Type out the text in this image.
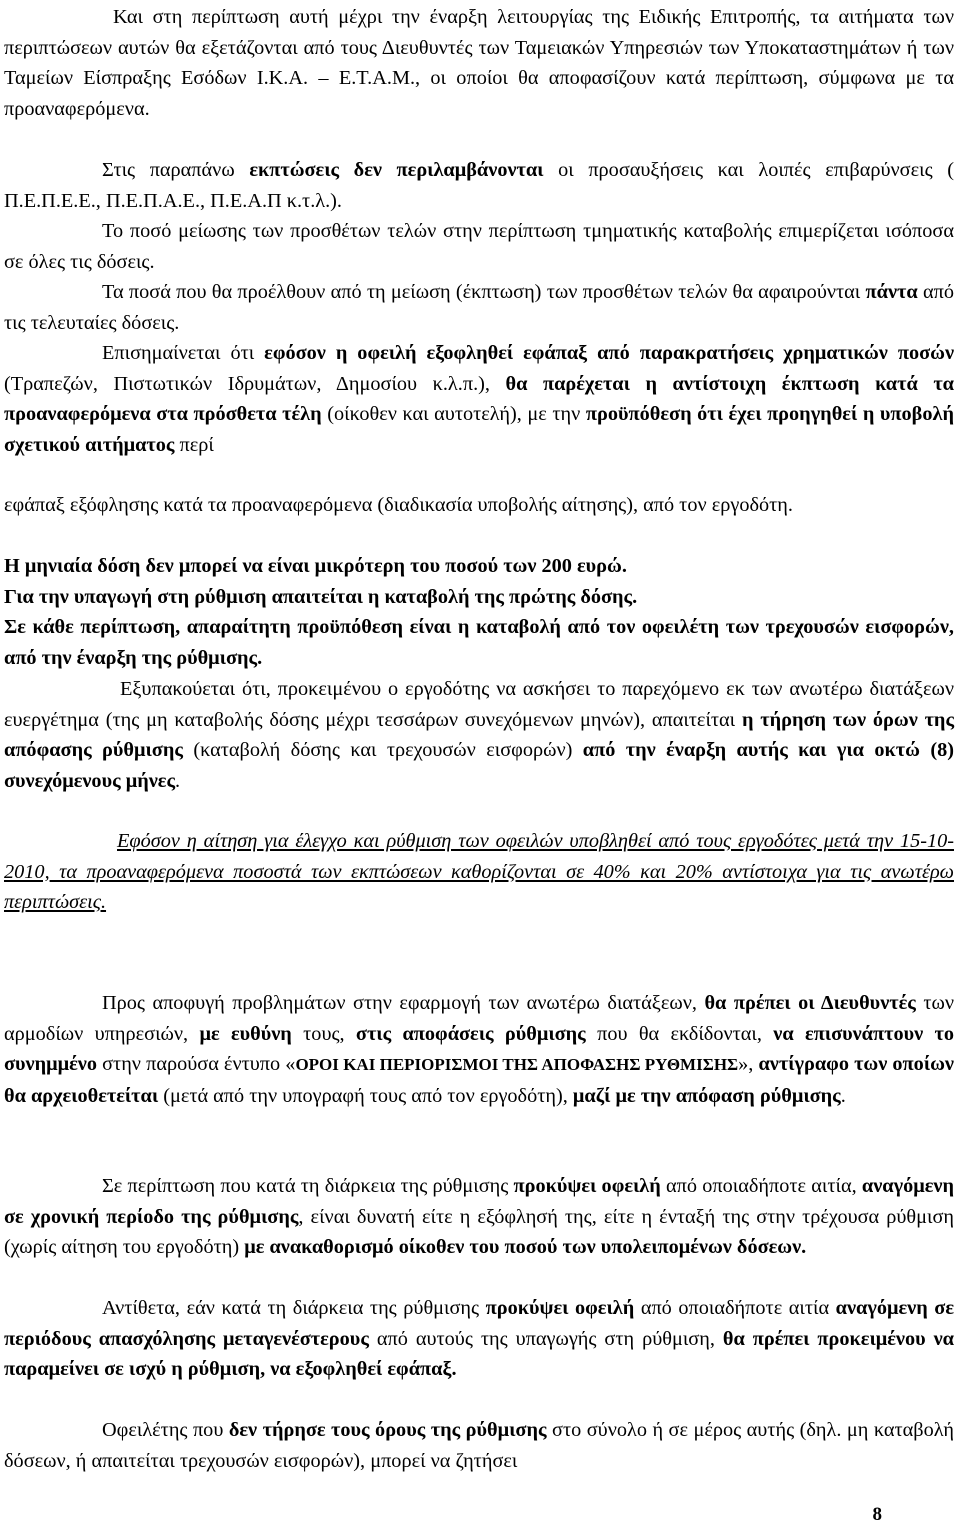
Και στη περίπτωση αυτή μέχρι την έναρξη λειτουργίας της Ειδικής Επιτροπής, τα αιτήματα των περιπτώσεων αυτών θα εξετάζονται από τους Διευθυντές των Ταμειακών Υπηρεσιών των Υποκαταστημάτων ή των Ταμείων Είσπραξης Εσόδων Ι.Κ.Α. – Ε.Τ.Α.Μ., οι οποίοι θα αποφασίζουν κατά περίπτωση, σύμφωνα με τα προαναφερόμενα.

Στις παραπάνω εκπτώσεις δεν περιλαμβάνονται οι προσαυξήσεις και λοιπές επιβαρύνσεις ( Π.Ε.Π.Ε.Ε., Π.Ε.Π.Α.Ε., Π.Ε.Α.Π κ.τ.λ.).

Το ποσό μείωσης των προσθέτων τελών στην περίπτωση τμηματικής καταβολής επιμερίζεται ισόποσα σε όλες τις δόσεις.

Τα ποσά που θα προέλθουν από τη μείωση (έκπτωση) των προσθέτων τελών θα αφαιρούνται πάντα από τις τελευταίες δόσεις.

Επισημαίνεται ότι εφόσον η οφειλή εξοφληθεί εφάπαξ από παρακρατήσεις χρηματικών ποσών (Τραπεζών, Πιστωτικών Ιδρυμάτων, Δημοσίου κ.λ.π.), θα παρέχεται η αντίστοιχη έκπτωση κατά τα προαναφερόμενα στα πρόσθετα τέλη (οίκοθεν και αυτοτελή), με την προϋπόθεση ότι έχει προηγηθεί η υποβολή σχετικού αιτήματος περί

εφάπαξ εξόφλησης κατά τα προαναφερόμενα (διαδικασία υποβολής αίτησης), από τον εργοδότη.

Η μηνιαία δόση δεν μπορεί να είναι μικρότερη του ποσού των 200 ευρώ.

Για την υπαγωγή στη ρύθμιση απαιτείται η καταβολή της πρώτης δόσης.

Σε κάθε περίπτωση, απαραίτητη προϋπόθεση είναι η καταβολή από τον οφειλέτη των τρεχουσών εισφορών, από την έναρξη της ρύθμισης.

Εξυπακούεται ότι, προκειμένου ο εργοδότης να ασκήσει το παρεχόμενο εκ των ανωτέρω διατάξεων ευεργέτημα (της μη καταβολής δόσης μέχρι τεσσάρων συνεχόμενων μηνών), απαιτείται η τήρηση των όρων της απόφασης ρύθμισης (καταβολή δόσης και τρεχουσών εισφορών) από την έναρξη αυτής και για οκτώ (8) συνεχόμενους μήνες.

Εφόσον η αίτηση για έλεγχο και ρύθμιση των οφειλών υποβληθεί από τους εργοδότες μετά την 15-10-2010, τα προαναφερόμενα ποσοστά των εκπτώσεων καθορίζονται σε 40% και 20% αντίστοιχα για τις ανωτέρω περιπτώσεις.

Προς αποφυγή προβλημάτων στην εφαρμογή των ανωτέρω διατάξεων, θα πρέπει οι Διευθυντές των αρμοδίων υπηρεσιών, με ευθύνη τους, στις αποφάσεις ρύθμισης που θα εκδίδονται, να επισυνάπτουν το συνημμένο στην παρούσα έντυπο «ΟΡΟΙ ΚΑΙ ΠΕΡΙΟΡΙΣΜΟΙ ΤΗΣ ΑΠΟΦΑΣΗΣ ΡΥΘΜΙΣΗΣ», αντίγραφο των οποίων θα αρχειοθετείται (μετά από την υπογραφή τους από τον εργοδότη), μαζί με την απόφαση ρύθμισης.

Σε περίπτωση που κατά τη διάρκεια της ρύθμισης προκύψει οφειλή από οποιαδήποτε αιτία, αναγόμενη σε χρονική περίοδο της ρύθμισης, είναι δυνατή είτε η εξόφλησή της, είτε η ένταξή της στην τρέχουσα ρύθμιση (χωρίς αίτηση του εργοδότη) με ανακαθορισμό οίκοθεν του ποσού των υπολειπομένων δόσεων.

Αντίθετα, εάν κατά τη διάρκεια της ρύθμισης προκύψει οφειλή από οποιαδήποτε αιτία αναγόμενη σε περιόδους απασχόλησης μεταγενέστερους από αυτούς της υπαγωγής στη ρύθμιση, θα πρέπει προκειμένου να παραμείνει σε ισχύ η ρύθμιση, να εξοφληθεί εφάπαξ.

Οφειλέτης που δεν τήρησε τους όρους της ρύθμισης στο σύνολο ή σε μέρος αυτής (δηλ. μη καταβολή δόσεων, ή απαιτείται τρεχουσών εισφορών), μπορεί να ζητήσει

8
